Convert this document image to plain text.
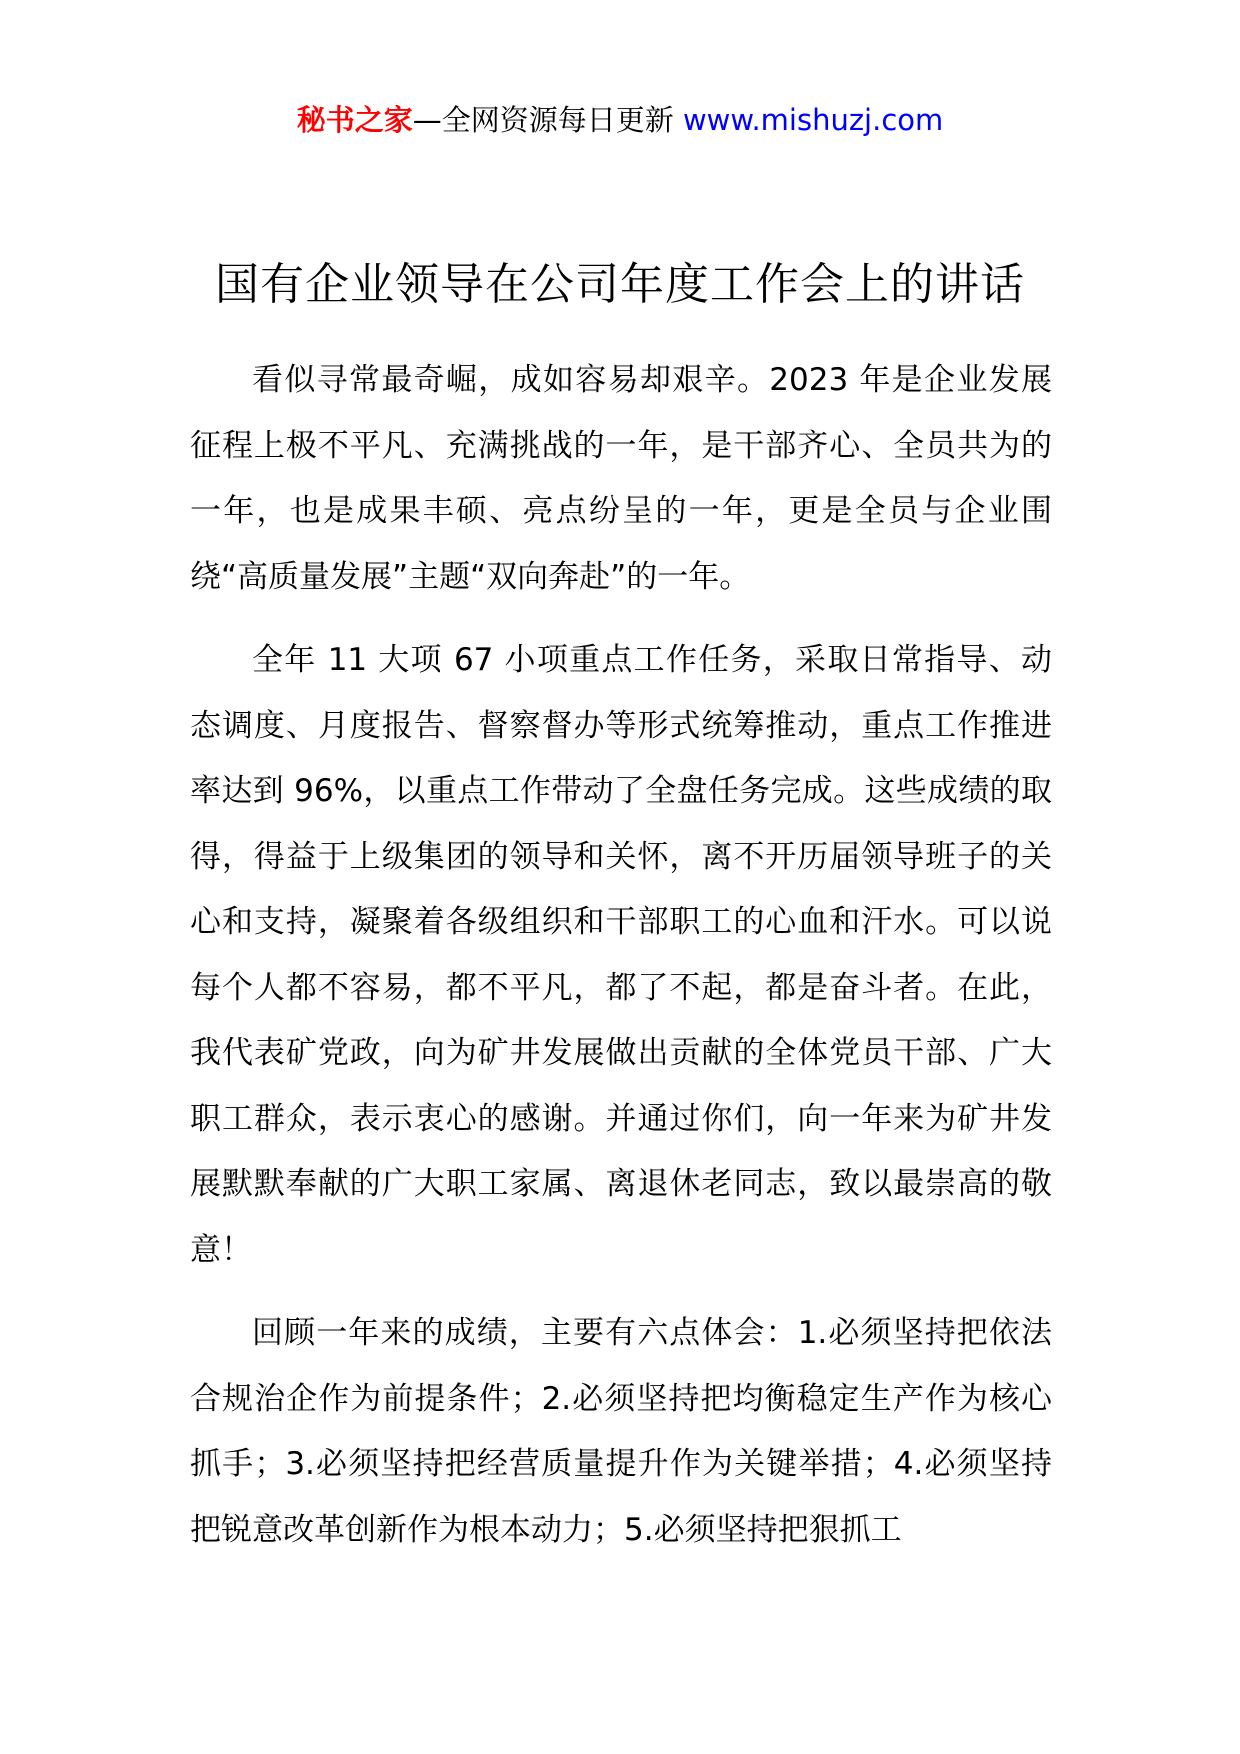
秘书之家—全网资源每日更新 www.mishuzj.com
国有企业领导在公司年度工作会上的讲话

看似寻常最奇崛，成如容易却艰辛。2023 年是企业发展征程上极不平凡、充满挑战的一年，是干部齐心、全员共为的一年，也是成果丰硕、亮点纷呈的一年，更是全员与企业围绕“高质量发展”主题“双向奔赴”的一年。

全年 11 大项 67 小项重点工作任务，采取日常指导、动态调度、月度报告、督察督办等形式统筹推动，重点工作推进率达到 96%，以重点工作带动了全盘任务完成。这些成绩的取得，得益于上级集团的领导和关怀，离不开历届领导班子的关心和支持，凝聚着各级组织和干部职工的心血和汗水。可以说每个人都不容易，都不平凡，都了不起，都是奋斗者。在此，我代表矿党政，向为矿井发展做出贡献的全体党员干部、广大职工群众，表示衷心的感谢。并通过你们，向一年来为矿井发展默默奉献的广大职工家属、离退休老同志，致以最崇高的敬意！

回顾一年来的成绩，主要有六点体会：1.必须坚持把依法合规治企作为前提条件；2.必须坚持把均衡稳定生产作为核心抓手；3.必须坚持把经营质量提升作为关键举措；4.必须坚持把锐意改革创新作为根本动力；5.必须坚持把狠抓工
